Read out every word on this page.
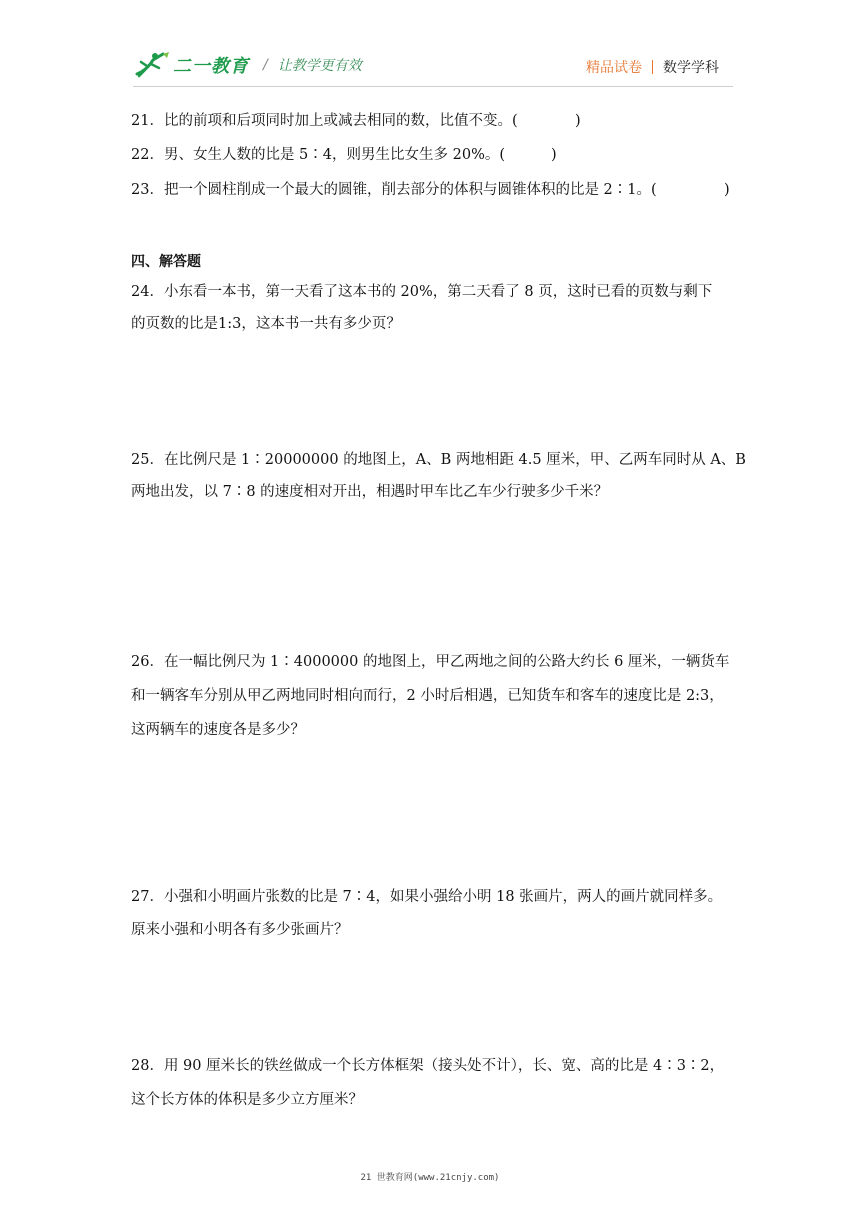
二一教育 / 让教学更有效	精品试卷 数学学科
21．比的前项和后项同时加上或减去相同的数，比值不变。(	)
22．男、女生人数的比是 5∶4，则男生比女生多 20%。(	)
23．把一个圆柱削成一个最大的圆锥，削去部分的体积与圆锥体积的比是 2∶1。(	)
四、解答题
24．小东看一本书，第一天看了这本书的 20%，第二天看了 8 页，这时已看的页数与剩下
的页数的比是1:3，这本书一共有多少页？
25．在比例尺是 1∶20000000 的地图上，A、B 两地相距 4.5 厘米，甲、乙两车同时从 A、B
两地出发，以 7∶8 的速度相对开出，相遇时甲车比乙车少行驶多少千米？
26．在一幅比例尺为 1∶4000000 的地图上，甲乙两地之间的公路大约长 6 厘米，一辆货车
和一辆客车分别从甲乙两地同时相向而行，2 小时后相遇，已知货车和客车的速度比是 2:3，
这两辆车的速度各是多少？
27．小强和小明画片张数的比是 7∶4，如果小强给小明 18 张画片，两人的画片就同样多。
原来小强和小明各有多少张画片？
28．用 90 厘米长的铁丝做成一个长方体框架（接头处不计），长、宽、高的比是 4∶3∶2，
这个长方体的体积是多少立方厘米？
21 世教育网(www.21cnjy.com)
